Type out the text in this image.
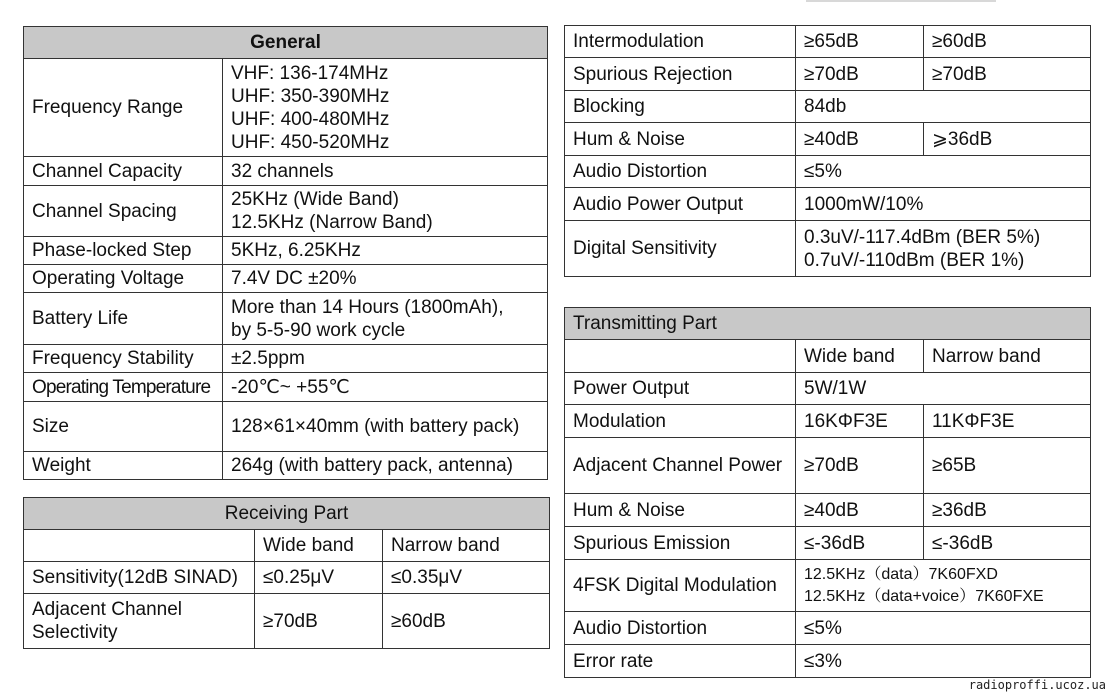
General	
Frequency Range	VHF: 136-174MHz
UHF: 350-390MHz
UHF: 400-480MHz
UHF: 450-520MHz

Channel Capacity	32 channels
Channel Spacing	25KHz (Wide Band)
12.5KHz (Narrow Band)

Phase-locked Step	5KHz, 6.25KHz
Operating Voltage	7.4V DC ±20%
Battery Life	More than 14 Hours (1800mAh),
by 5-5-90 work cycle

Frequency Stability	±2.5ppm
Operating Temperature	-20℃~ +55℃
Size	128×61×40mm (with battery pack)
Weight	264g (with battery pack, antenna)
Receiving Part		
	Wide band	Narrow band
Sensitivity(12dB SINAD)	≤0.25μV	≤0.35μV
Adjacent Channel Selectivity	≥70dB	≥60dB
Intermodulation	≥65dB	≥60dB
Spurious Rejection	≥70dB	≥70dB
Blocking	84db	
Hum & Noise	≥40dB	⩾36dB
Audio Distortion	≤5%	
Audio Power Output	1000mW/10%	
Digital Sensitivity	0.3uV/-117.4dBm (BER 5%)
0.7uV/-110dBm (BER 1%)	
Transmitting Part		
	Wide band	Narrow band
Power Output	5W/1W	
Modulation	16KΦF3E	11KΦF3E
Adjacent Channel Power	≥70dB	≥65B
Hum & Noise	≥40dB	≥36dB
Spurious Emission	≤-36dB	≤-36dB
4FSK Digital Modulation	12.5KHz（data）7K60FXD
12.5KHz（data+voice）7K60FXE	

Audio Distortion	≤5%	
Error rate	≤3%	
radioproffi.ucoz.ua
